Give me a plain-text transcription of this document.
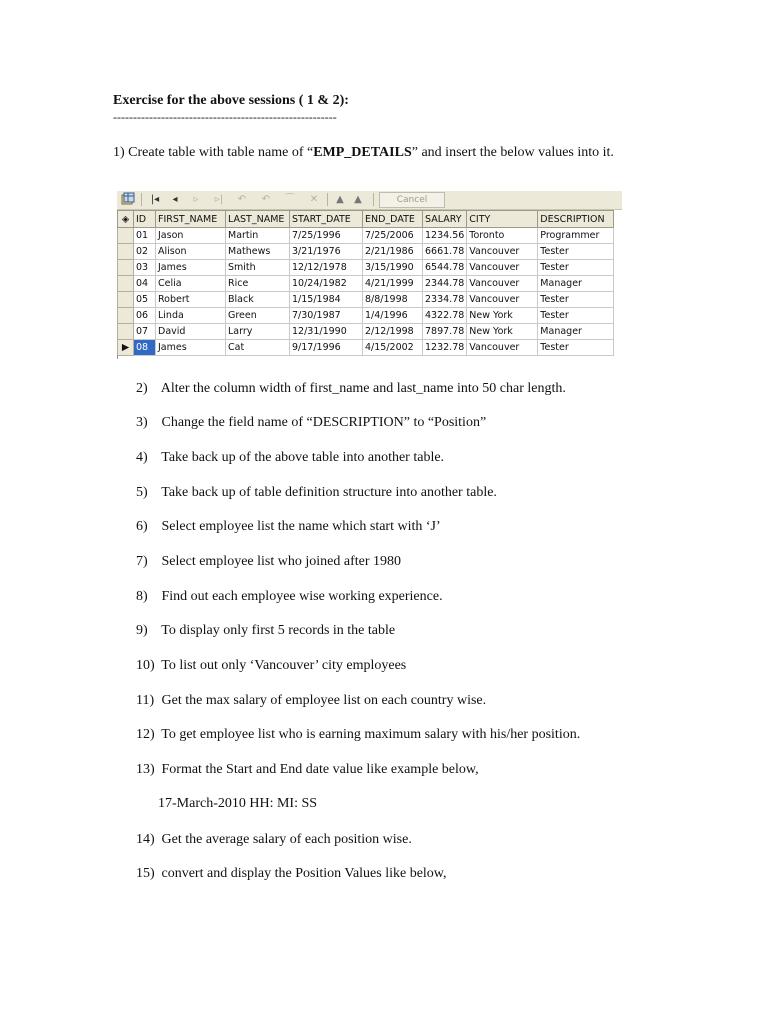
Exercise for the above sessions ( 1 & 2):
--------------------------------------------------------
1) Create table with table name of “EMP_DETAILS” and insert the below values into it.
|◂	◂	▹	▹| ↶ ↶ ⌒ ✕	▲	▲	Cancel
◈	ID	FIRST_NAME	LAST_NAME	START_DATE	END_DATE	SALARY	CITY	DESCRIPTION
	01	Jason	Martin	7/25/1996	7/25/2006	1234.56	Toronto	Programmer
	02	Alison	Mathews	3/21/1976	2/21/1986	6661.78	Vancouver	Tester
	03	James	Smith	12/12/1978	3/15/1990	6544.78	Vancouver	Tester
	04	Celia	Rice	10/24/1982	4/21/1999	2344.78	Vancouver	Manager
	05	Robert	Black	1/15/1984	8/8/1998	2334.78	Vancouver	Tester
	06	Linda	Green	7/30/1987	1/4/1996	4322.78	New York	Tester
	07	David	Larry	12/31/1990	2/12/1998	7897.78	New York	Manager
▶	08	James	Cat	9/17/1996	4/15/2002	1232.78	Vancouver	Tester
2) Alter the column width of first_name and last_name into 50 char length.
3) Change the field name of “DESCRIPTION” to “Position”
4) Take back up of the above table into another table.
5) Take back up of table definition structure into another table.
6) Select employee list the name which start with ‘J’
7) Select employee list who joined after 1980
8) Find out each employee wise working experience.
9) To display only first 5 records in the table
10) To list out only ‘Vancouver’ city employees
11) Get the max salary of employee list on each country wise.
12) To get employee list who is earning maximum salary with his/her position.
13) Format the Start and End date value like example below,
17-March-2010 HH: MI: SS
14) Get the average salary of each position wise.
15) convert and display the Position Values like below,
